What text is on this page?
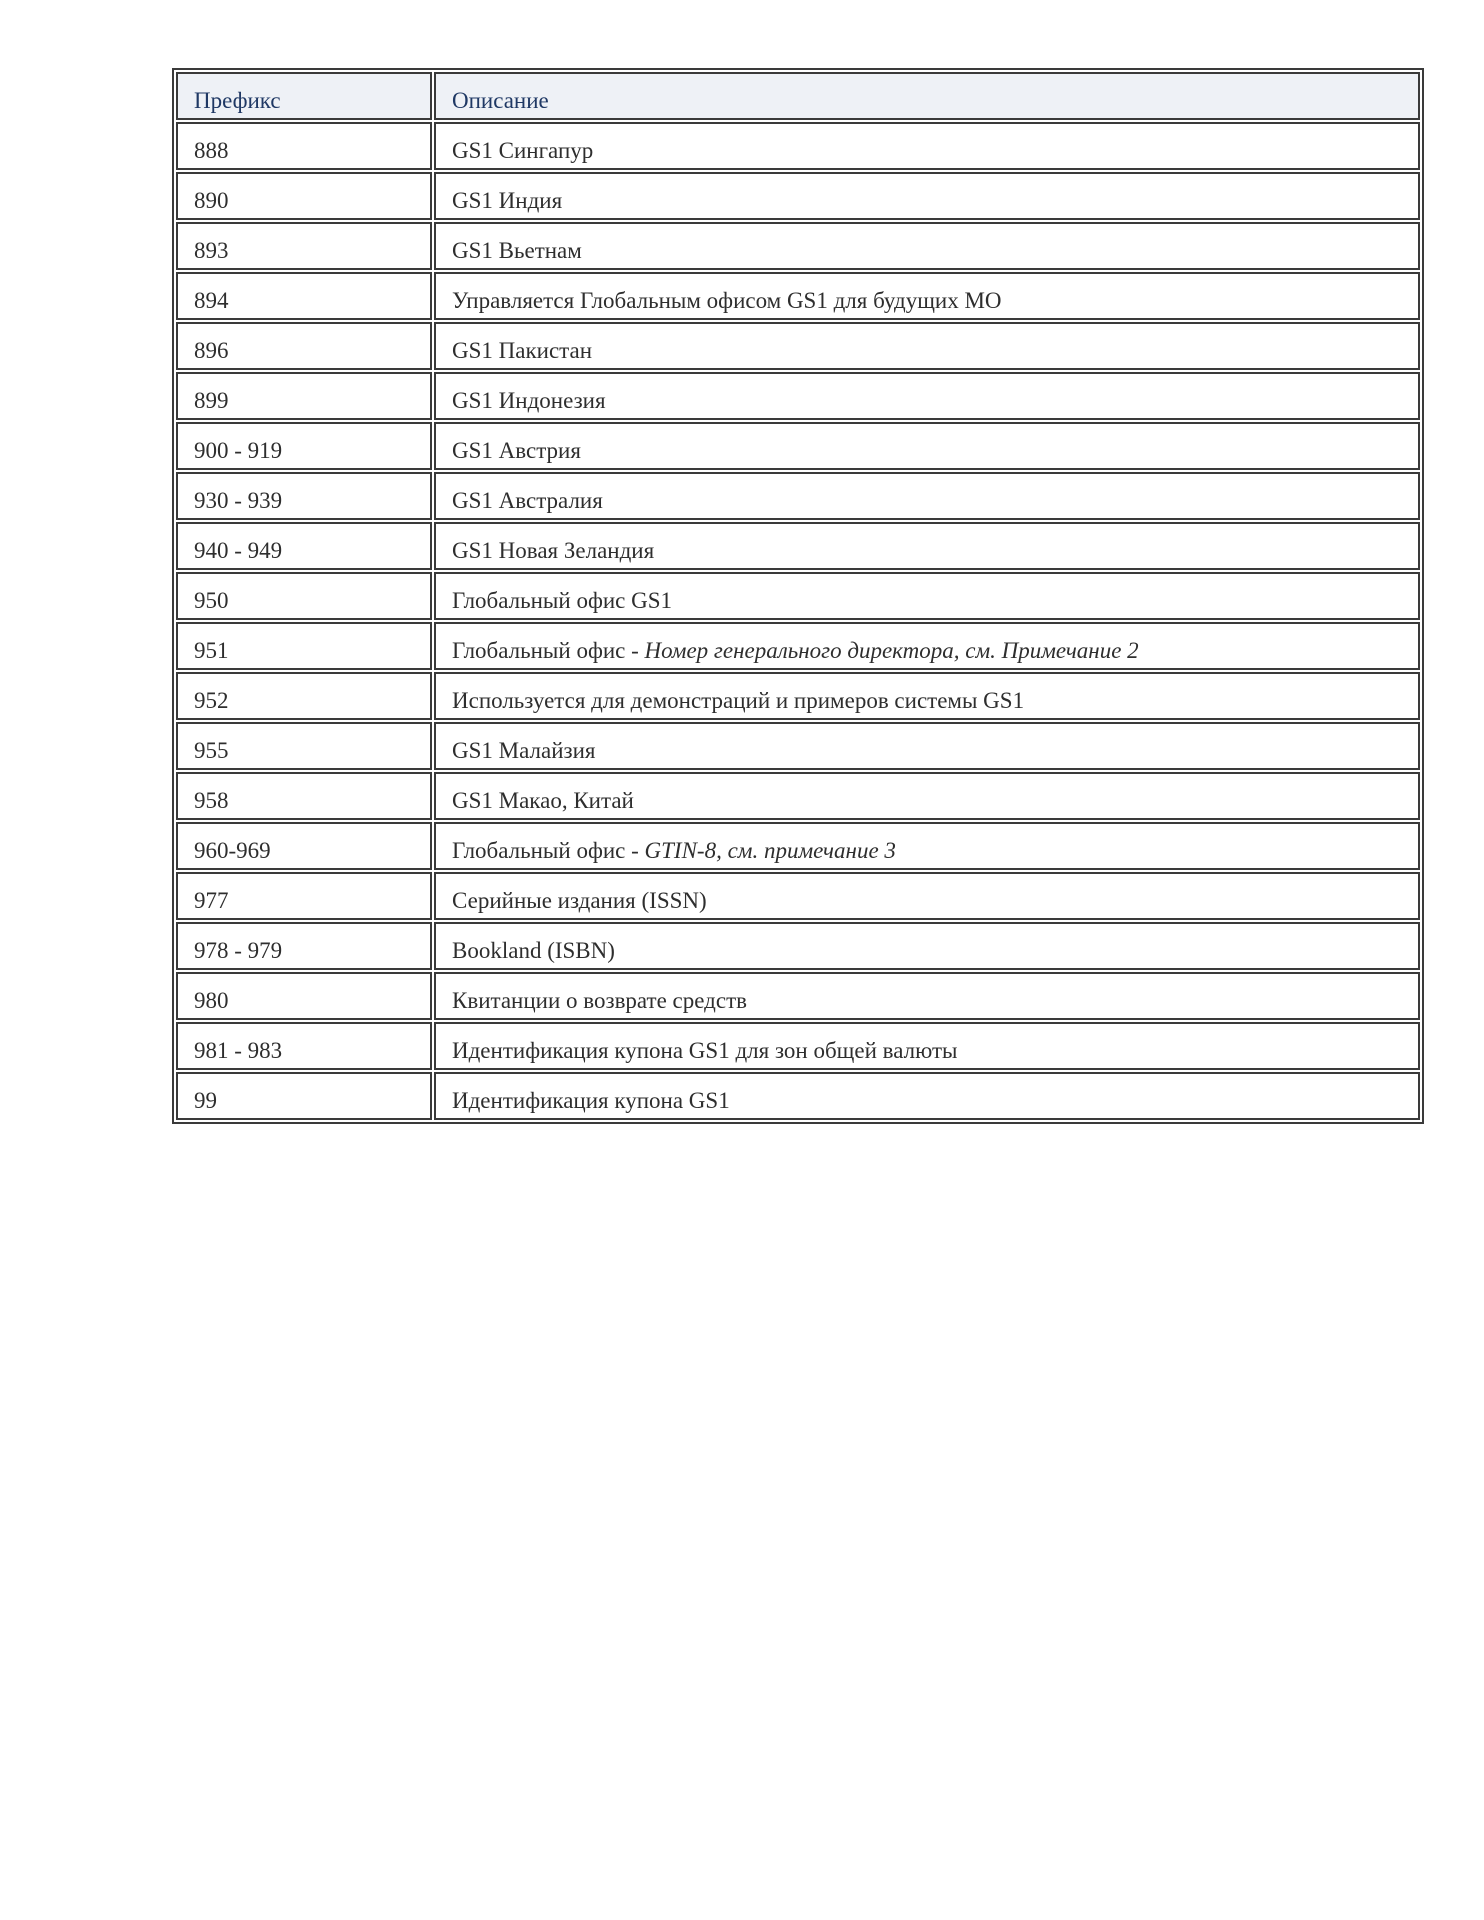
Префикс	Описание
888	GS1 Сингапур
890	GS1 Индия
893	GS1 Вьетнам
894	Управляется Глобальным офисом GS1 для будущих МО
896	GS1 Пакистан
899	GS1 Индонезия
900 - 919	GS1 Австрия
930 - 939	GS1 Австралия
940 - 949	GS1 Новая Зеландия
950	Глобальный офис GS1
951	Глобальный офис - Номер генерального директора, см. Примечание 2
952	Используется для демонстраций и примеров системы GS1
955	GS1 Малайзия
958	GS1 Макао, Китай
960-969	Глобальный офис - GTIN-8, см. примечание 3
977	Серийные издания (ISSN)
978 - 979	Bookland (ISBN)
980	Квитанции о возврате средств
981 - 983	Идентификация купона GS1 для зон общей валюты
99	Идентификация купона GS1
